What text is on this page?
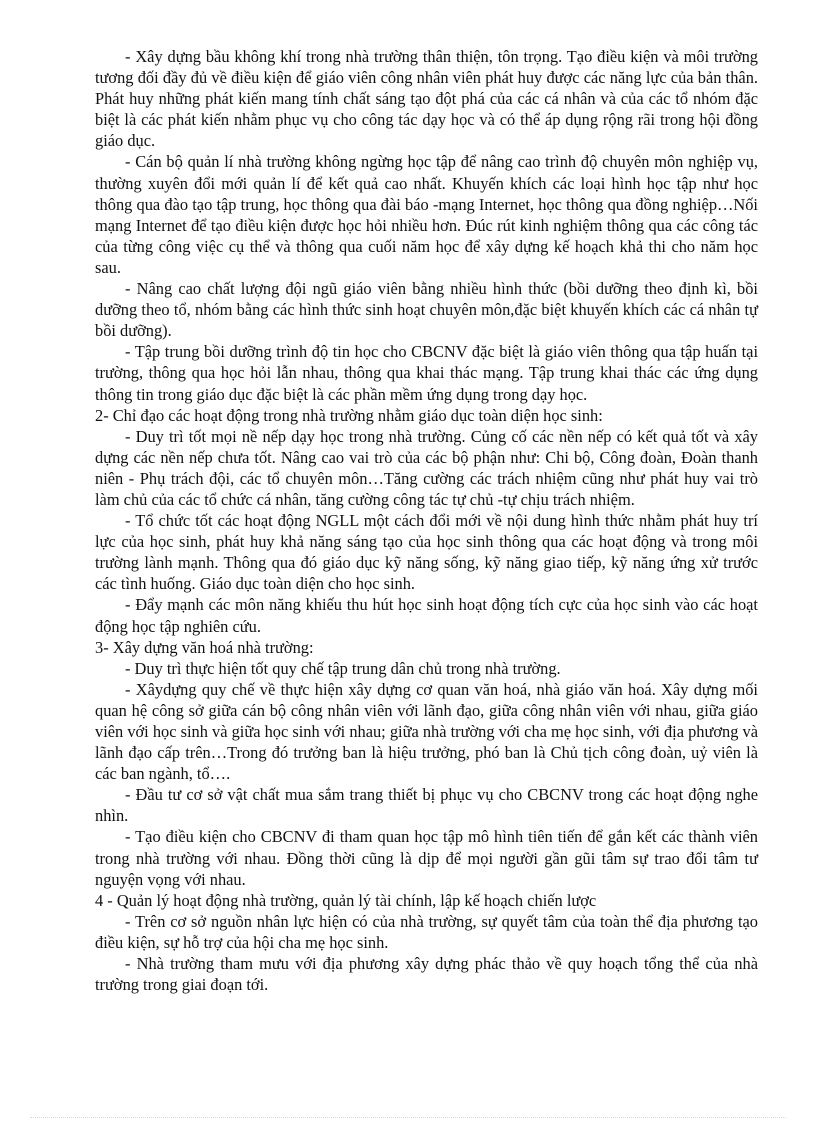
- Xây dựng bầu không khí trong nhà trường thân thiện, tôn trọng. Tạo điều kiện và môi trường tương đối đầy đủ về điều kiện để giáo viên công nhân viên phát huy được các năng lực của bản thân. Phát huy những phát kiến mang tính chất sáng tạo đột phá của các cá nhân và của các tổ nhóm đặc biệt là các phát kiến nhằm phục vụ cho công tác dạy học và có thể áp dụng rộng rãi trong hội đồng giáo dục.

- Cán bộ quản lí nhà trường không ngừng học tập để nâng cao trình độ chuyên môn nghiệp vụ, thường xuyên đổi mới quản lí để kết quả cao nhất. Khuyến khích các loại hình học tập như học thông qua đào tạo tập trung, học thông qua đài báo -mạng Internet, học thông qua đồng nghiệp…Nối mạng Internet để tạo điều kiện được học hỏi nhiều hơn. Đúc rút kinh nghiệm thông qua các công tác của từng công việc cụ thể và thông qua cuối năm học để xây dựng kế hoạch khả thi cho năm học sau.

- Nâng cao chất lượng đội ngũ giáo viên bằng nhiều hình thức (bồi dưỡng theo định kì, bồi dưỡng theo tổ, nhóm bằng các hình thức sinh hoạt chuyên môn,đặc biệt khuyến khích các cá nhân tự bồi dưỡng).

- Tập trung bồi dưỡng trình độ tin học cho CBCNV đặc biệt là giáo viên thông qua tập huấn tại trường, thông qua học hỏi lẫn nhau, thông qua khai thác mạng. Tập trung khai thác các ứng dụng thông tin trong giáo dục đặc biệt là các phần mềm ứng dụng trong dạy học.

2- Chỉ đạo các hoạt động trong nhà trường nhằm giáo dục toàn diện học sinh:

- Duy trì tốt mọi nề nếp dạy học trong nhà trường. Củng cố các nền nếp có kết quả tốt và xây dựng các nền nếp chưa tốt. Nâng cao vai trò của các bộ phận như: Chi bộ, Công đoàn, Đoàn thanh niên - Phụ trách đội, các tổ chuyên môn…Tăng cường các trách nhiệm cũng như phát huy vai trò làm chủ của các tổ chức cá nhân, tăng cường công tác tự chủ -tự chịu trách nhiệm.

- Tổ chức tốt các hoạt động NGLL một cách đổi mới về nội dung hình thức nhằm phát huy trí lực của học sinh, phát huy khả năng sáng tạo của học sinh thông qua các hoạt động và trong môi trường lành mạnh. Thông qua đó giáo dục kỹ năng sống, kỹ năng giao tiếp, kỹ năng ứng xử trước các tình huống. Giáo dục toàn diện cho học sinh.

- Đẩy mạnh các môn năng khiếu thu hút học sinh hoạt động tích cực của học sinh vào các hoạt động học tập nghiên cứu.

3- Xây dựng văn hoá nhà trường:

- Duy trì thực hiện tốt quy chế tập trung dân chủ trong nhà trường.

- Xâydựng quy chế về thực hiện xây dựng cơ quan văn hoá, nhà giáo văn hoá. Xây dựng mối quan hệ công sở giữa cán bộ công nhân viên với lãnh đạo, giữa công nhân viên với nhau, giữa giáo viên với học sinh và giữa học sinh với nhau; giữa nhà trường với cha mẹ học sinh, với địa phương và lãnh đạo cấp trên…Trong đó trưởng ban là hiệu trưởng, phó ban là Chủ tịch công đoàn, uỷ viên là các ban ngành, tổ….

- Đầu tư cơ sở vật chất mua sắm trang thiết bị phục vụ cho CBCNV trong các hoạt động nghe nhìn.

- Tạo điều kiện cho CBCNV đi tham quan học tập mô hình tiên tiến để gắn kết các thành viên trong nhà trường với nhau. Đồng thời cũng là dịp để mọi người gần gũi tâm sự trao đổi tâm tư nguyện vọng với nhau.

4 - Quản lý hoạt động nhà trường, quản lý tài chính, lập kế hoạch chiến lược

- Trên cơ sở nguồn nhân lực hiện có của nhà trường, sự quyết tâm của toàn thể địa phương tạo điều kiện, sự hỗ trợ của hội cha mẹ học sinh.

- Nhà trường tham mưu với địa phương xây dựng phác thảo về quy hoạch tổng thể của nhà trường trong giai đoạn tới.
